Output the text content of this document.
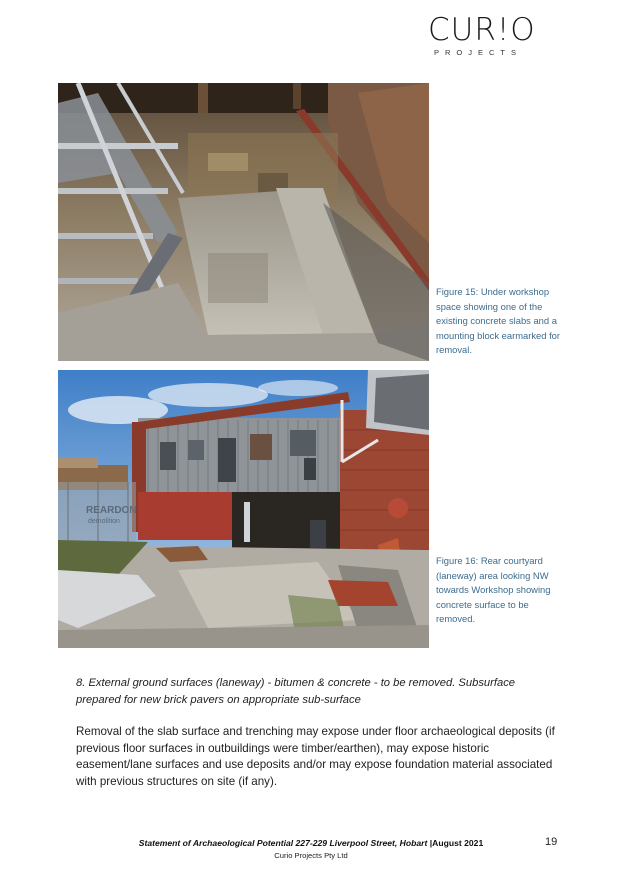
CUR!O
PROJECTS
Figure 15: Under workshop space showing one of the existing concrete slabs and a mounting block earmarked for removal.
REARDON
demolition
Figure 16: Rear courtyard (laneway) area looking NW towards Workshop showing concrete surface to be removed.
8. External ground surfaces (laneway) - bitumen & concrete - to be removed. Subsurface prepared for new brick pavers on appropriate sub-surface
Removal of the slab surface and trenching may expose under floor archaeological deposits (if previous floor surfaces in outbuildings were timber/earthen), may expose historic easement/lane surfaces and use deposits and/or may expose foundation material associated with previous structures on site (if any).
Statement of Archaeological Potential 227-229 Liverpool Street, Hobart |August 2021
Curio Projects Pty Ltd
19
